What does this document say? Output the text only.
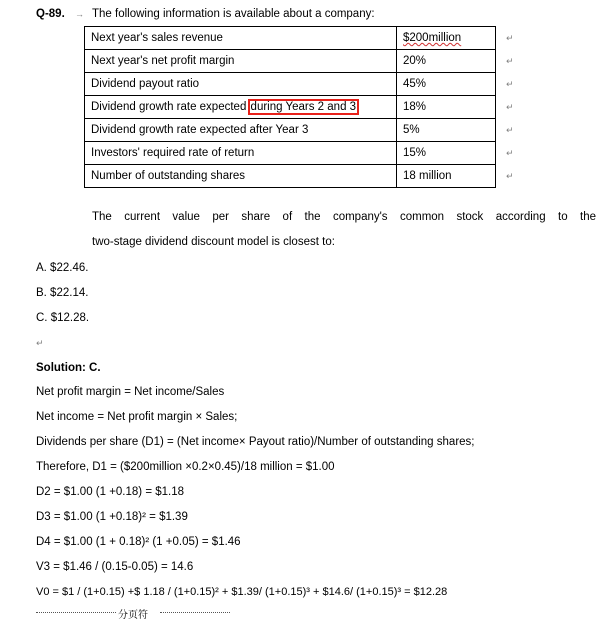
Q-89. → The following information is available about a company:
Next year's sales revenue	$200million
Next year's net profit margin	20%
Dividend payout ratio	45%
Dividend growth rate expected during Years 2 and 3	18%
Dividend growth rate expected after Year 3	5%
Investors' required rate of return	15%
Number of outstanding shares	18 million
↵
↵
↵
↵
↵
↵
↵
The current value per share of the company's common stock according to the
two-stage dividend discount model is closest to:
A. $22.46.
B. $22.14.
C. $12.28.
↵
Solution: C.
Net profit margin = Net income/Sales
Net income = Net profit margin × Sales;
Dividends per share (D1) = (Net income× Payout ratio)/Number of outstanding shares;
Therefore, D1 = ($200million ×0.2×0.45)/18 million = $1.00
D2 = $1.00 (1 +0.18) = $1.18
D3 = $1.00 (1 +0.18)² = $1.39
D4 = $1.00 (1 + 0.18)² (1 +0.05) = $1.46
V3 = $1.46 / (0.15-0.05) = 14.6
V0 = $1 / (1+0.15) +$ 1.18 / (1+0.15)² + $1.39/ (1+0.15)³ + $14.6/ (1+0.15)³ = $12.28
分页符
